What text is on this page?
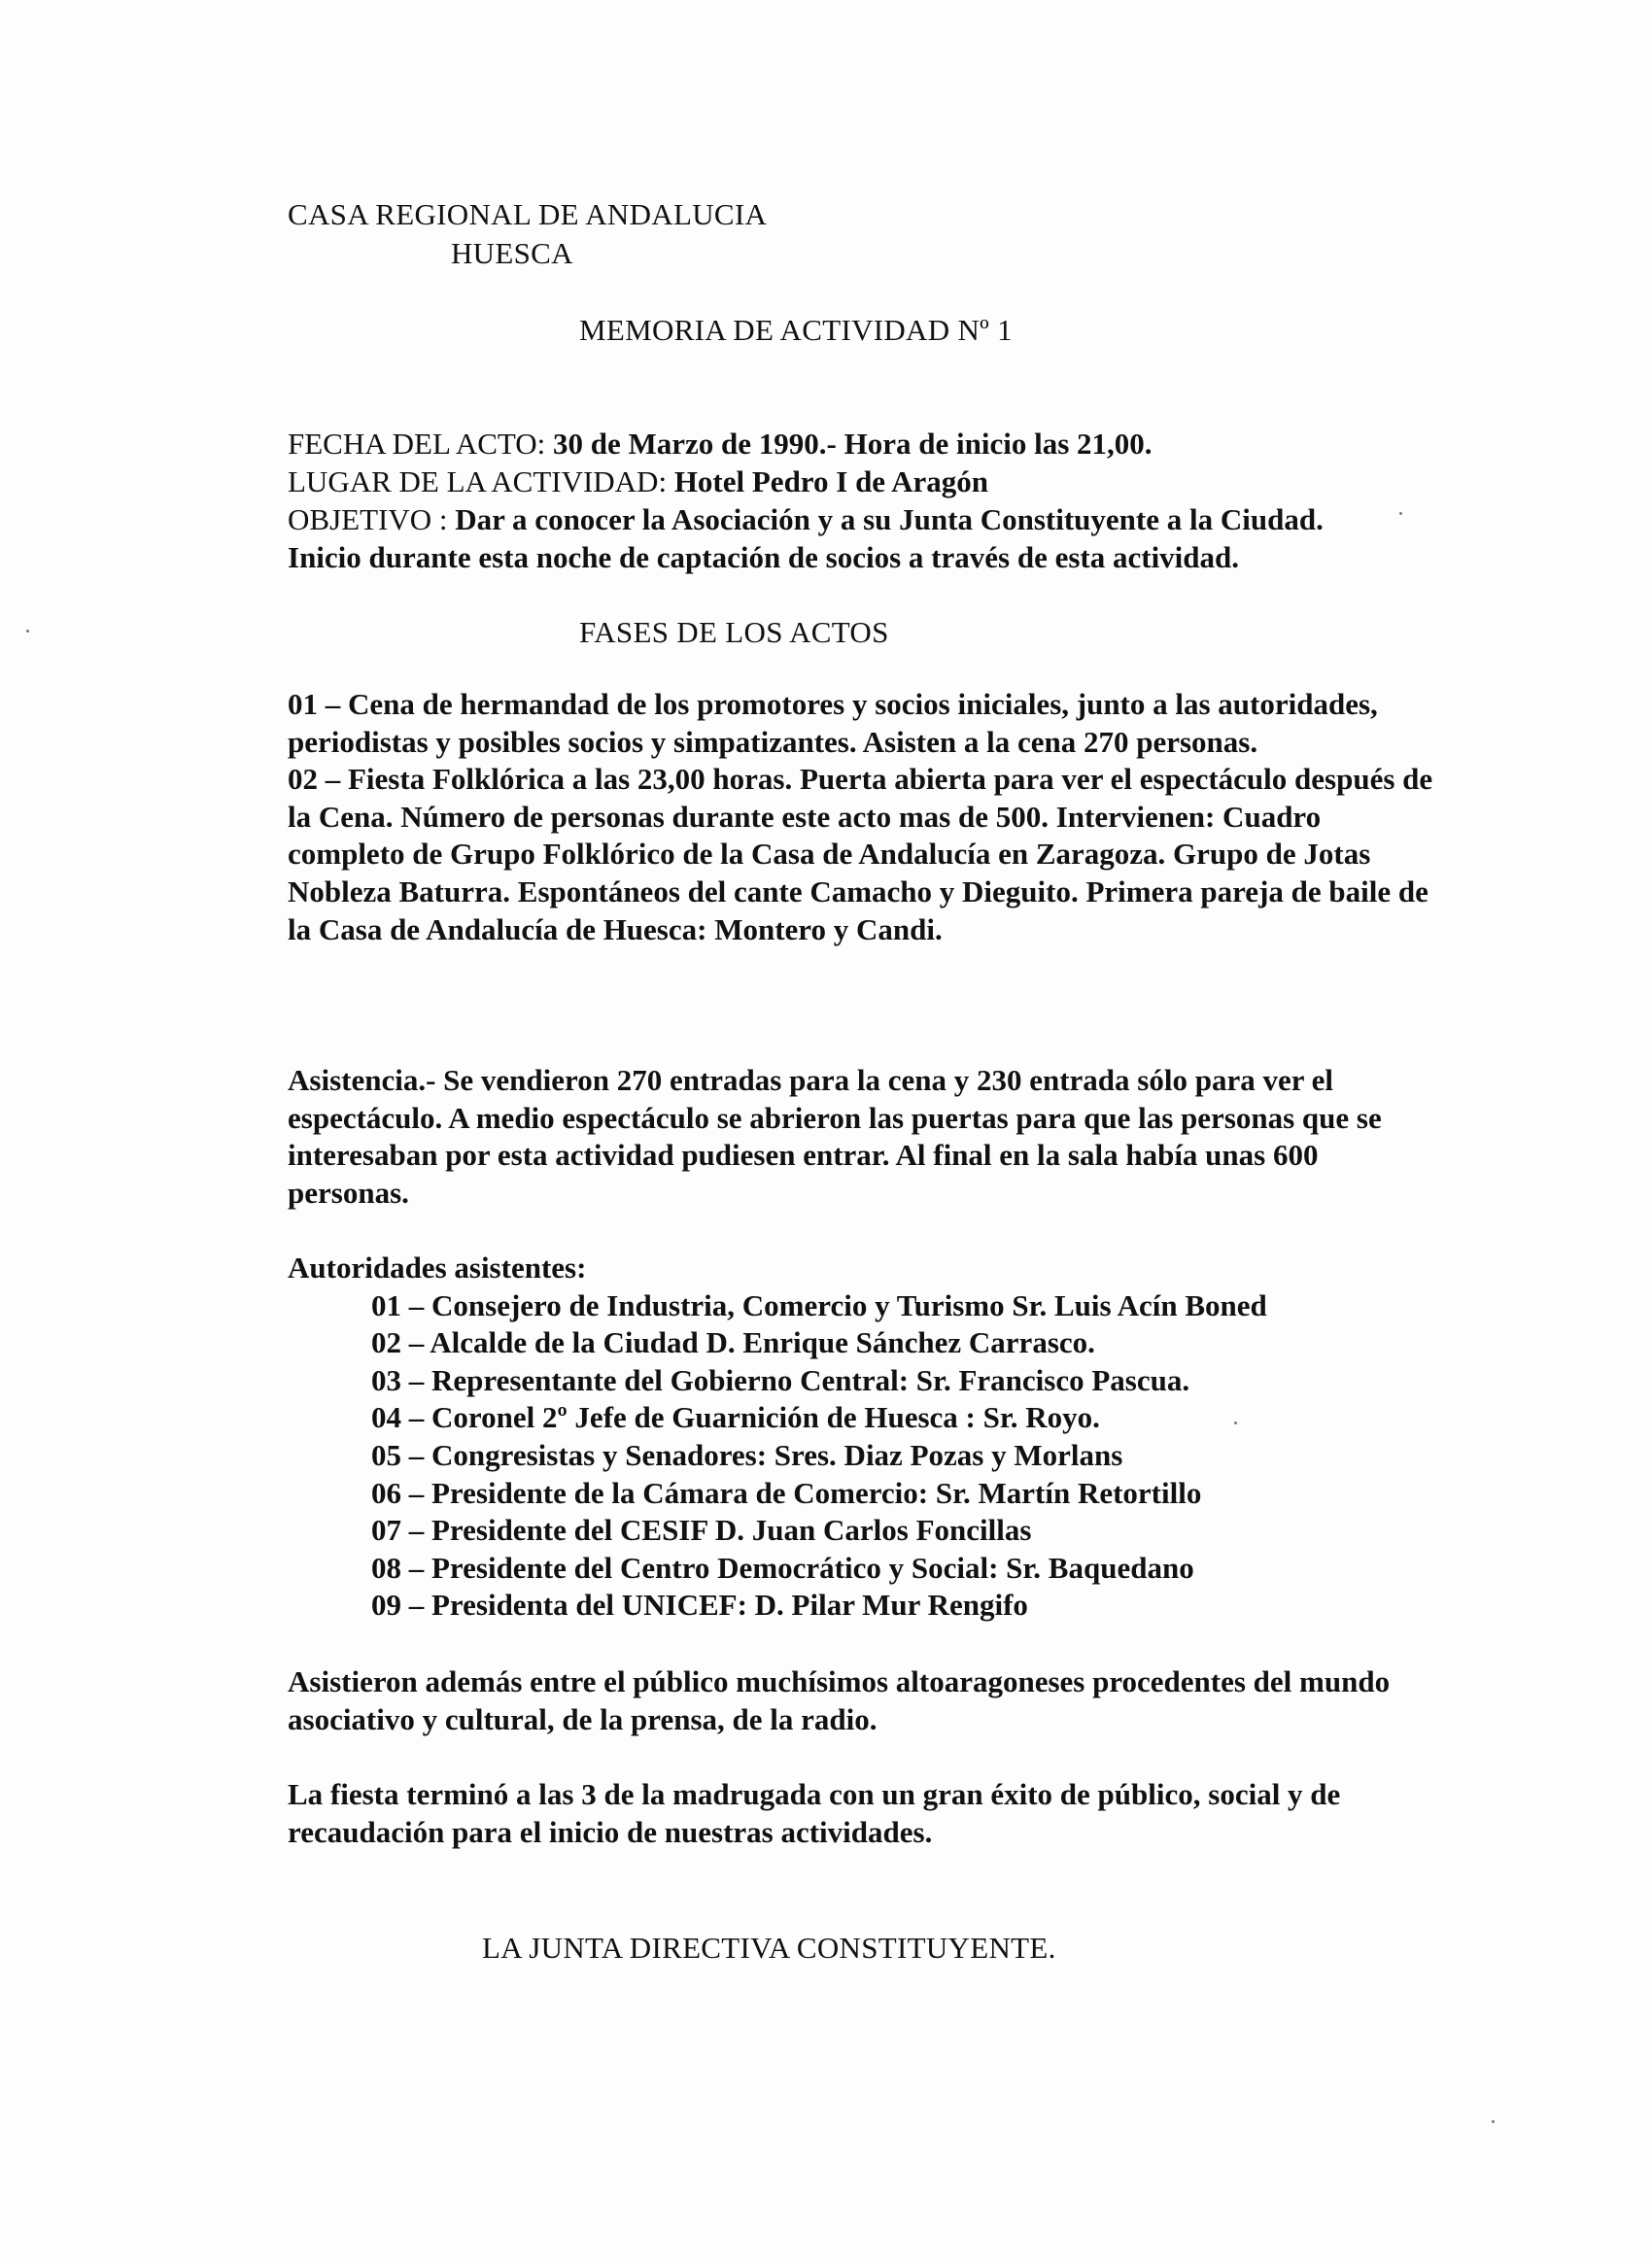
CASA REGIONAL DE ANDALUCIA
HUESCA
MEMORIA DE ACTIVIDAD Nº 1

FECHA DEL ACTO: 30 de Marzo de 1990.- Hora de inicio las 21,00.

LUGAR DE LA ACTIVIDAD: Hotel Pedro I de Aragón

OBJETIVO : Dar a conocer la Asociación y a su Junta Constituyente a la Ciudad.

Inicio durante esta noche de captación de socios a través de esta actividad.

FASES DE LOS ACTOS

01 – Cena de hermandad de los promotores y socios iniciales, junto a las autoridades, periodistas y posibles socios y simpatizantes. Asisten a la cena 270 personas.

02 – Fiesta Folklórica a las 23,00 horas. Puerta abierta para ver el espectáculo después de la Cena. Número de personas durante este acto mas de 500. Intervienen: Cuadro completo de Grupo Folklórico de la Casa de Andalucía en Zaragoza. Grupo de Jotas Nobleza Baturra. Espontáneos del cante Camacho y Dieguito. Primera pareja de baile de la Casa de Andalucía de Huesca: Montero y Candi.

Asistencia.- Se vendieron 270 entradas para la cena y 230 entrada sólo para ver el espectáculo. A medio espectáculo se abrieron las puertas para que las personas que se interesaban por esta actividad pudiesen entrar. Al final en la sala había unas 600 personas.

Autoridades asistentes:

01 – Consejero de Industria, Comercio y Turismo Sr. Luis Acín Boned
02 – Alcalde de la Ciudad D. Enrique Sánchez Carrasco.
03 – Representante del Gobierno Central: Sr. Francisco Pascua.
04 – Coronel 2º Jefe de Guarnición de Huesca : Sr. Royo.
05 – Congresistas y Senadores: Sres. Diaz Pozas y Morlans
06 – Presidente de la Cámara de Comercio: Sr. Martín Retortillo
07 – Presidente del CESIF D. Juan Carlos Foncillas
08 – Presidente del Centro Democrático y Social: Sr. Baquedano
09 – Presidenta del UNICEF: D. Pilar Mur Rengifo

Asistieron además entre el público muchísimos altoaragoneses procedentes del mundo asociativo y cultural, de la prensa, de la radio.

La fiesta terminó a las 3 de la madrugada con un gran éxito de público, social y de recaudación para el inicio de nuestras actividades.

LA JUNTA DIRECTIVA CONSTITUYENTE.
